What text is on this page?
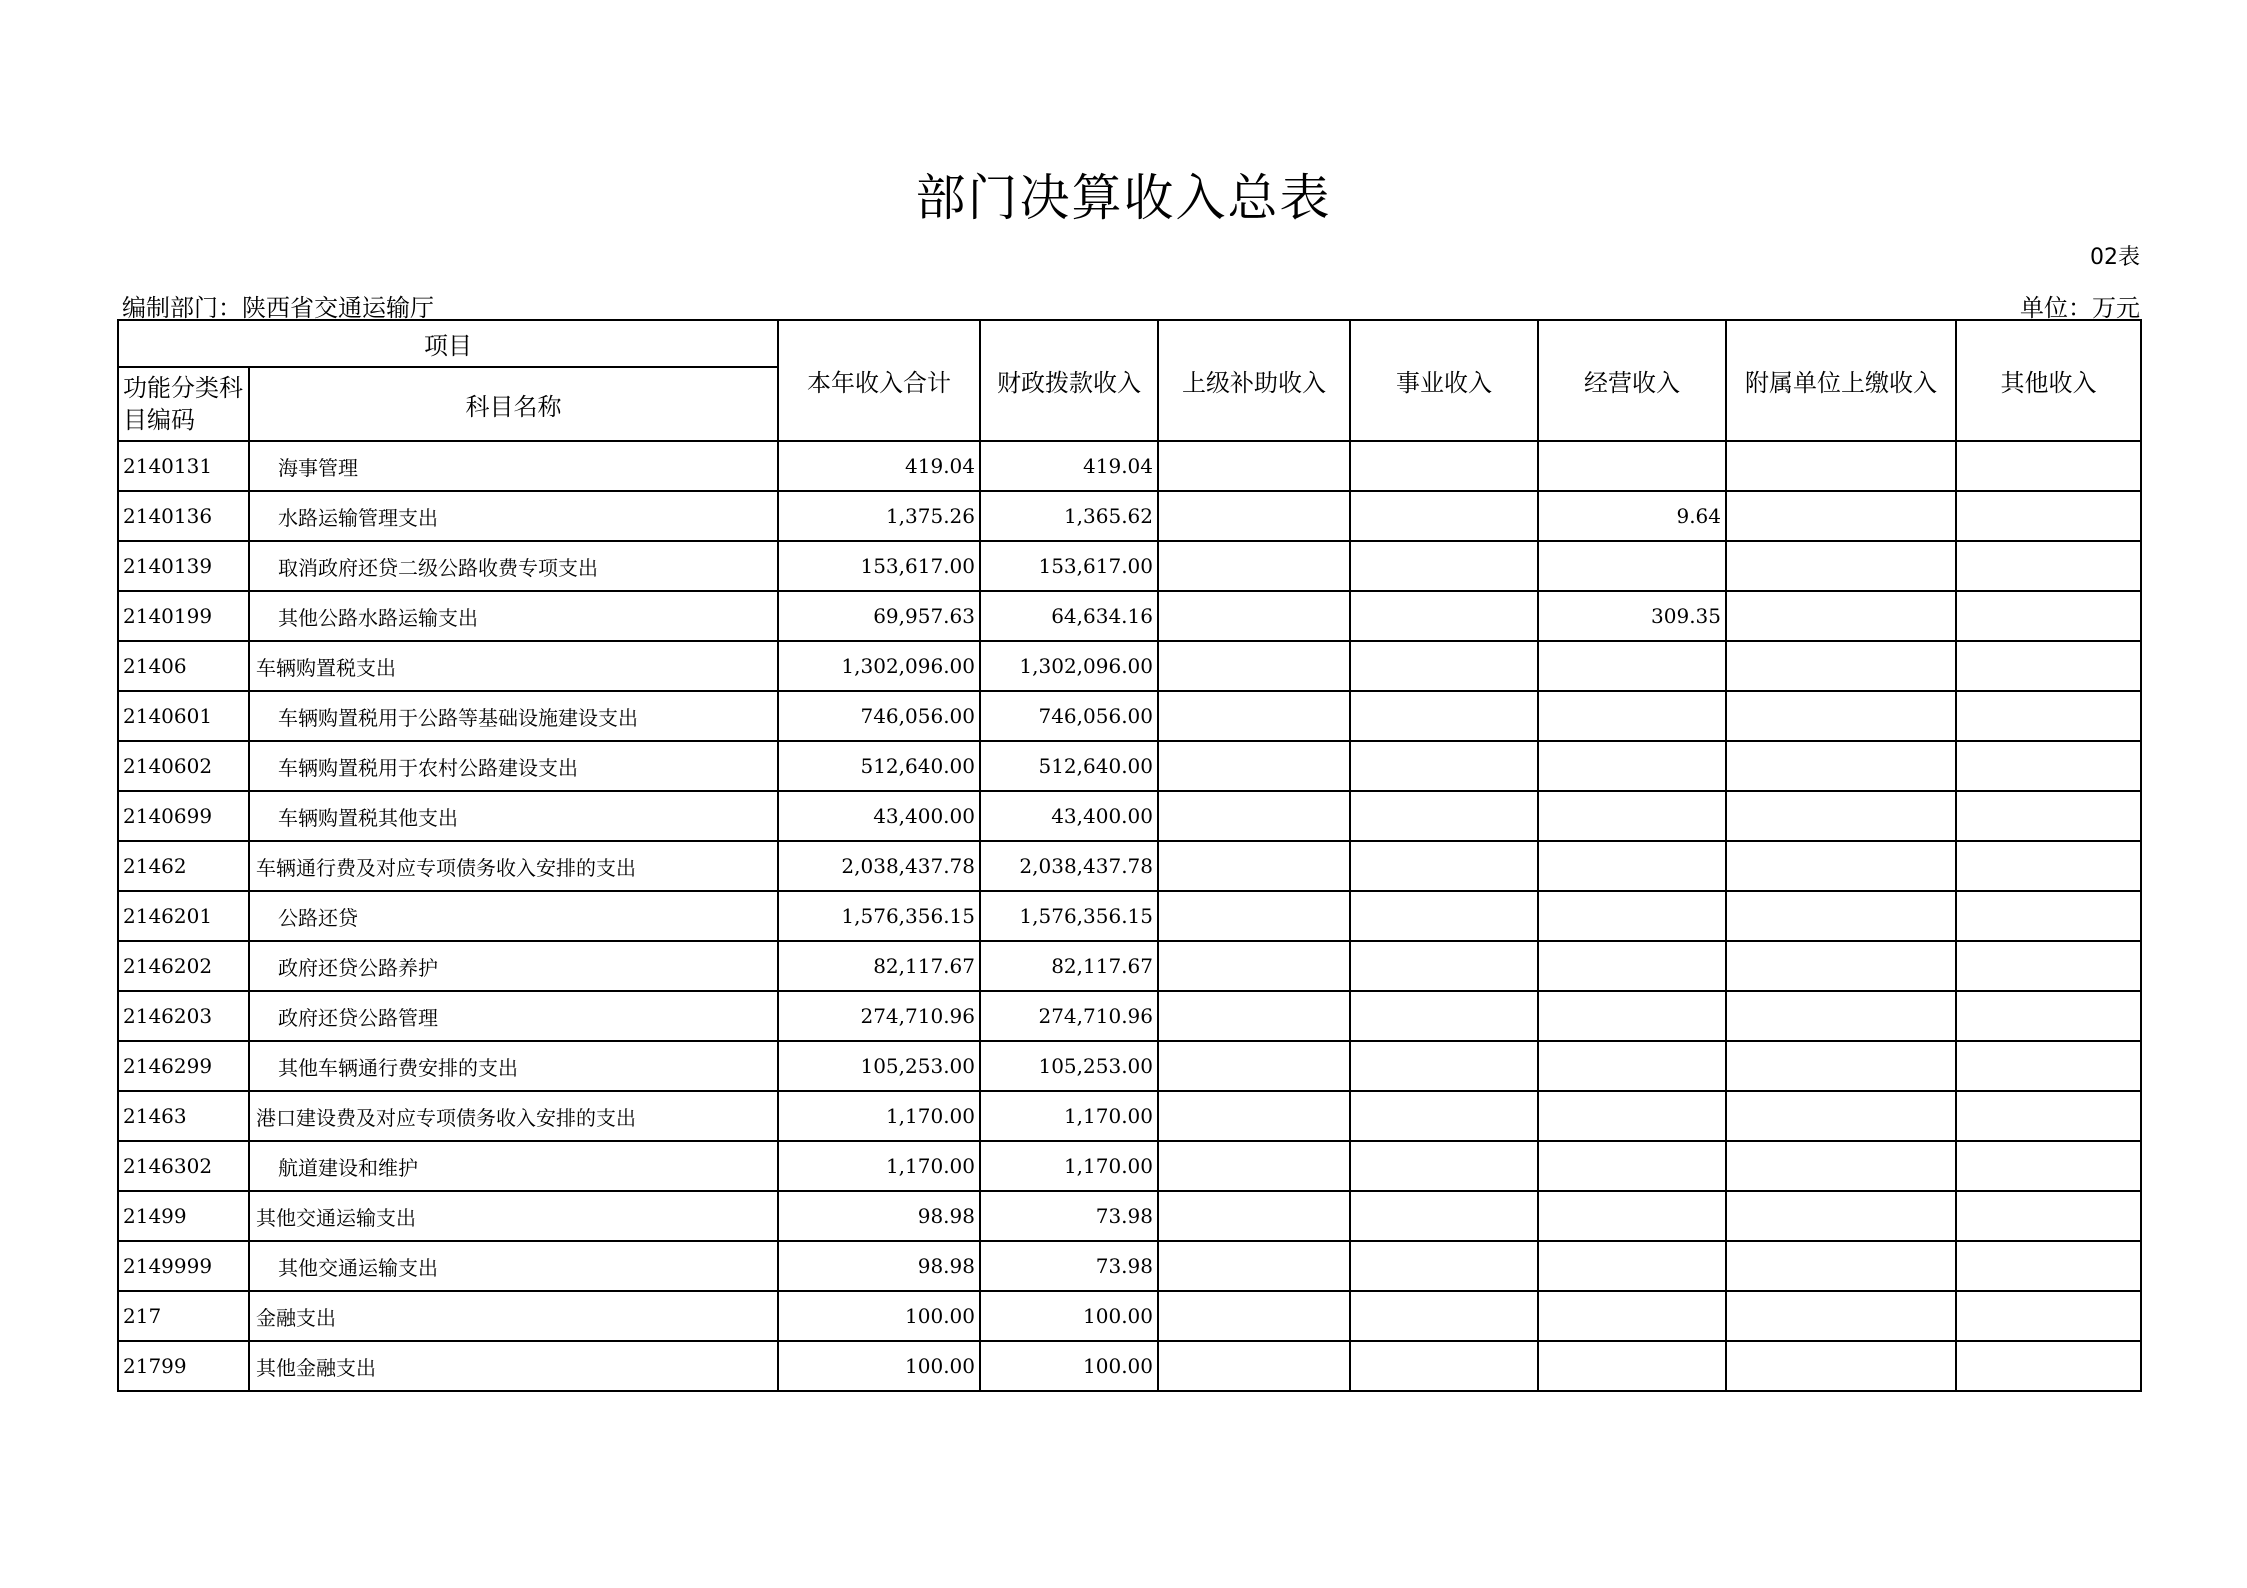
部门决算收入总表
02表
编制部门：陕西省交通运输厅	单位：万元
项目		本年收入合计	财政拨款收入	上级补助收入	事业收入	经营收入	附属单位上缴收入	其他收入
功能分类科目编码	科目名称							
2140131	海事管理	419.04	419.04					
2140136	水路运输管理支出	1,375.26	1,365.62			9.64		
2140139	取消政府还贷二级公路收费专项支出	153,617.00	153,617.00					
2140199	其他公路水路运输支出	69,957.63	64,634.16			309.35		
21406	车辆购置税支出	1,302,096.00	1,302,096.00					
2140601	车辆购置税用于公路等基础设施建设支出	746,056.00	746,056.00					
2140602	车辆购置税用于农村公路建设支出	512,640.00	512,640.00					
2140699	车辆购置税其他支出	43,400.00	43,400.00					
21462	车辆通行费及对应专项债务收入安排的支出	2,038,437.78	2,038,437.78					
2146201	公路还贷	1,576,356.15	1,576,356.15					
2146202	政府还贷公路养护	82,117.67	82,117.67					
2146203	政府还贷公路管理	274,710.96	274,710.96					
2146299	其他车辆通行费安排的支出	105,253.00	105,253.00					
21463	港口建设费及对应专项债务收入安排的支出	1,170.00	1,170.00					
2146302	航道建设和维护	1,170.00	1,170.00					
21499	其他交通运输支出	98.98	73.98					
2149999	其他交通运输支出	98.98	73.98					
217	金融支出	100.00	100.00					
21799	其他金融支出	100.00	100.00					
